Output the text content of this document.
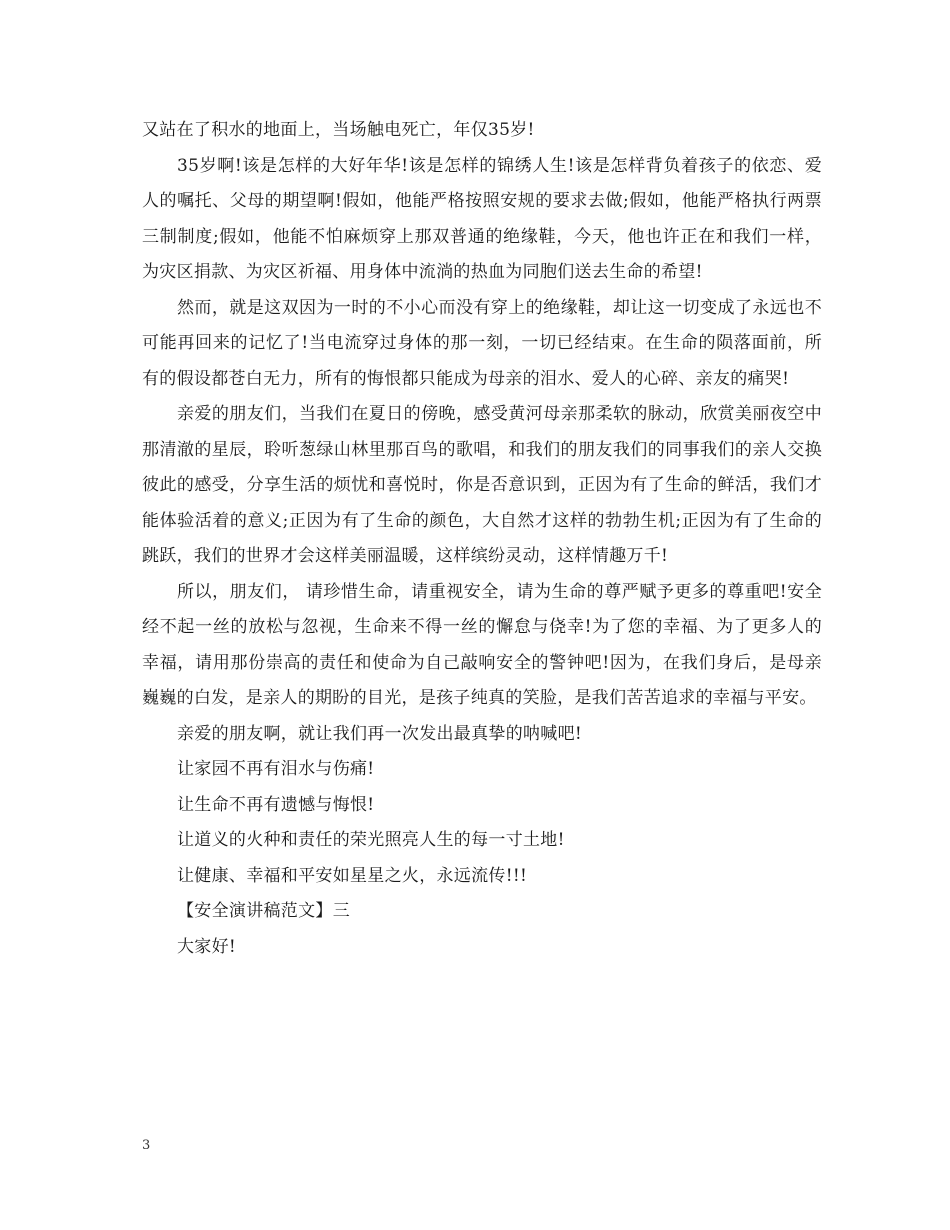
又站在了积水的地面上，当场触电死亡，年仅35岁!

35岁啊!该是怎样的大好年华!该是怎样的锦绣人生!该是怎样背负着孩子的依恋、爱人的嘱托、父母的期望啊!假如，他能严格按照安规的要求去做;假如，他能严格执行两票三制制度;假如，他能不怕麻烦穿上那双普通的绝缘鞋，今天，他也许正在和我们一样，为灾区捐款、为灾区祈福、用身体中流淌的热血为同胞们送去生命的希望!

然而，就是这双因为一时的不小心而没有穿上的绝缘鞋，却让这一切变成了永远也不可能再回来的记忆了!当电流穿过身体的那一刻，一切已经结束。在生命的陨落面前，所有的假设都苍白无力，所有的悔恨都只能成为母亲的泪水、爱人的心碎、亲友的痛哭!

亲爱的朋友们，当我们在夏日的傍晚，感受黄河母亲那柔软的脉动，欣赏美丽夜空中那清澈的星辰，聆听葱绿山林里那百鸟的歌唱，和我们的朋友我们的同事我们的亲人交换彼此的感受，分享生活的烦忧和喜悦时，你是否意识到，正因为有了生命的鲜活，我们才能体验活着的意义;正因为有了生命的颜色，大自然才这样的勃勃生机;正因为有了生命的跳跃，我们的世界才会这样美丽温暖，这样缤纷灵动，这样情趣万千!

所以，朋友们， 请珍惜生命，请重视安全，请为生命的尊严赋予更多的尊重吧!安全经不起一丝的放松与忽视，生命来不得一丝的懈怠与侥幸!为了您的幸福、为了更多人的幸福，请用那份崇高的责任和使命为自己敲响安全的警钟吧!因为，在我们身后，是母亲巍巍的白发，是亲人的期盼的目光，是孩子纯真的笑脸，是我们苦苦追求的幸福与平安。

亲爱的朋友啊，就让我们再一次发出最真挚的呐喊吧!

让家园不再有泪水与伤痛!

让生命不再有遗憾与悔恨!

让道义的火种和责任的荣光照亮人生的每一寸土地!

让健康、幸福和平安如星星之火，永远流传!!!

【安全演讲稿范文】三

大家好!

3
